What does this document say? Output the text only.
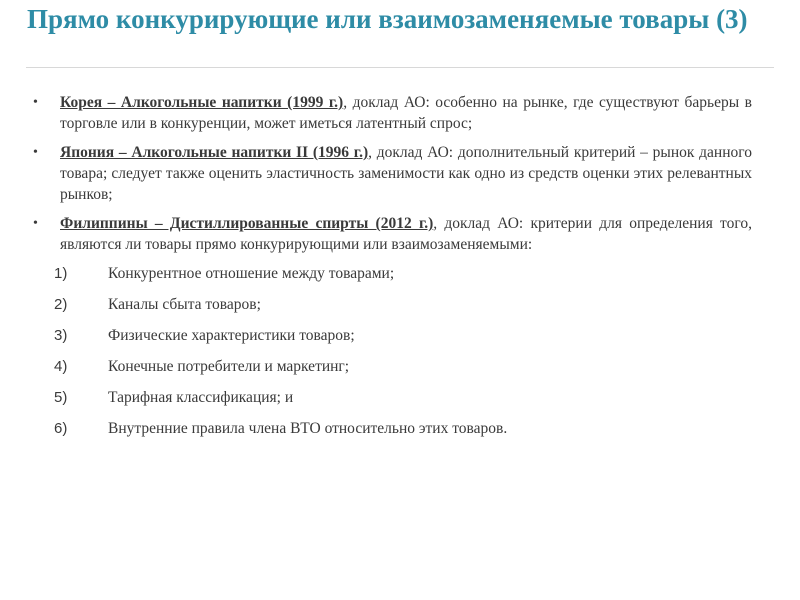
Прямо конкурирующие или взаимозаменяемые товары (3)
• Корея – Алкогольные напитки (1999 г.), доклад АО: особенно на рынке, где существуют барьеры в торговле или в конкуренции, может иметься латентный спрос;
• Япония – Алкогольные напитки II (1996 г.), доклад АО: дополнительный критерий – рынок данного товара; следует также оценить эластичность заменимости как одно из средств оценки этих релевантных рынков;
• Филиппины – Дистиллированные спирты (2012 г.), доклад АО: критерии для определения того, являются ли товары прямо конкурирующими или взаимозаменяемыми:
1)	Конкурентное отношение между товарами;
2)	Каналы сбыта товаров;
3)	Физические характеристики товаров;
4)	Конечные потребители и маркетинг;
5)	Тарифная классификация; и
6)	Внутренние правила члена ВТО относительно этих товаров.
